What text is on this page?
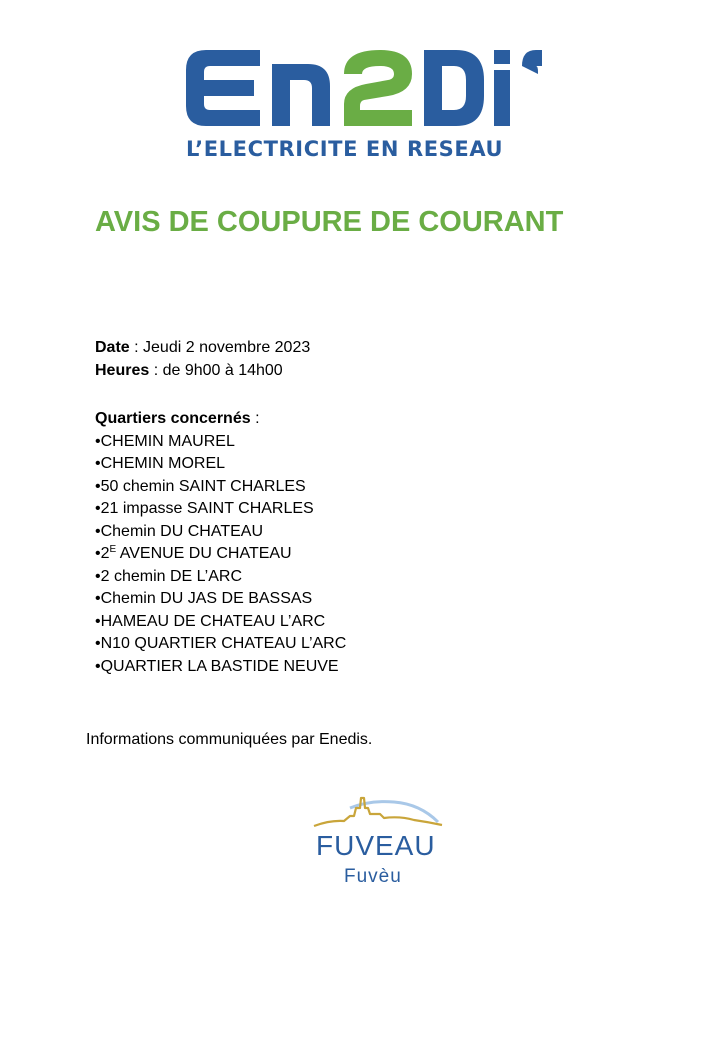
L’ELECTRICITE EN RESEAU
AVIS DE COUPURE DE COURANT
Date : Jeudi 2 novembre 2023
Heures : de 9h00 à 14h00
Quartiers concernés :
•CHEMIN MAUREL
•CHEMIN MOREL
•50 chemin SAINT CHARLES
•21 impasse SAINT CHARLES
•Chemin DU CHATEAU
$•2^E$ AVENUE DU CHATEAU
•2 chemin DE L’ARC
•Chemin DU JAS DE BASSAS
•HAMEAU DE CHATEAU L’ARC
•N10 QUARTIER CHATEAU L’ARC
•QUARTIER LA BASTIDE NEUVE
Informations communiquées par Enedis.
FUVEAU
Fuvèu
